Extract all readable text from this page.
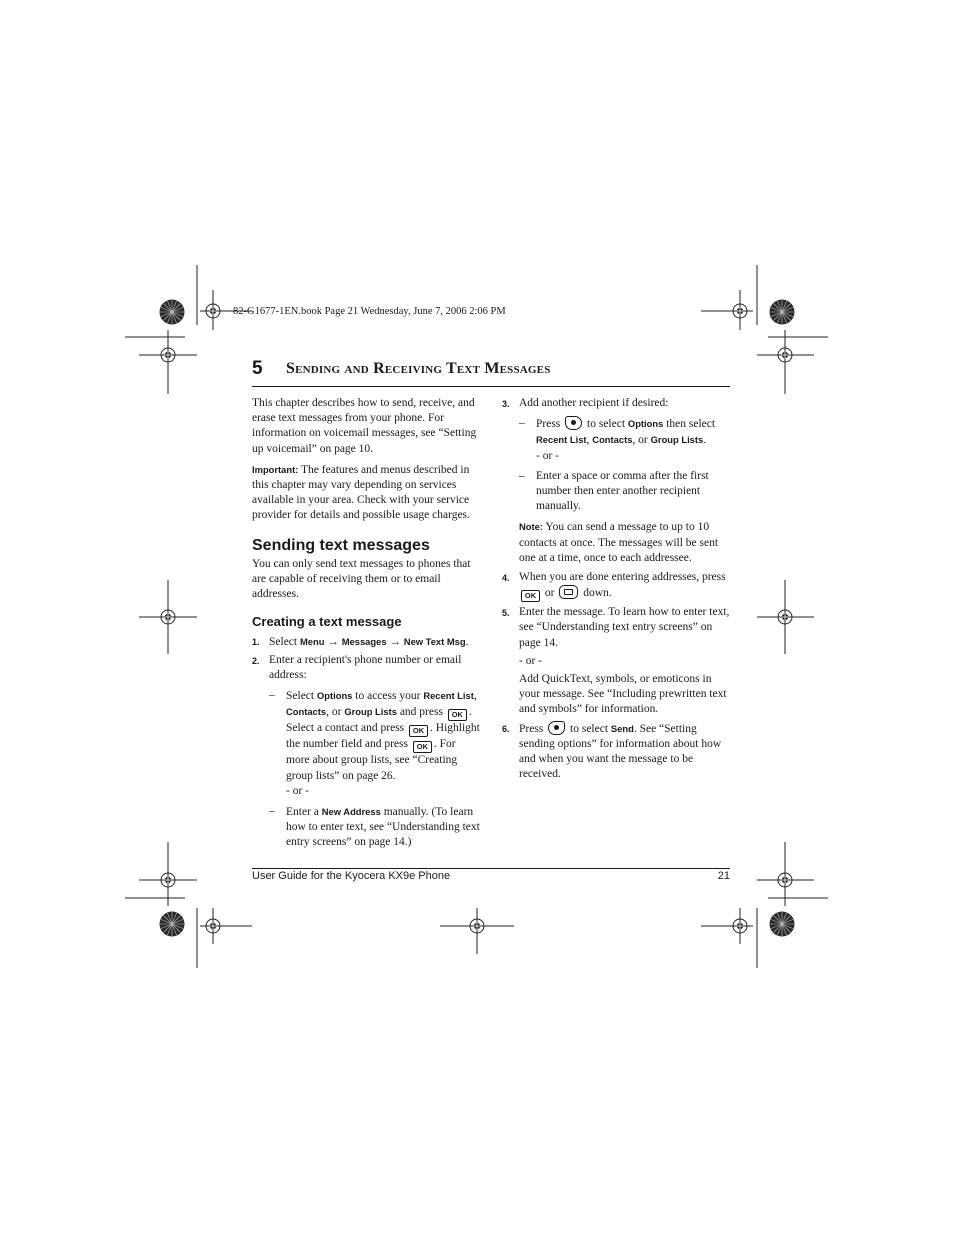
82-G1677-1EN.book Page 21 Wednesday, June 7, 2006 2:06 PM
5 Sending and Receiving Text Messages

This chapter describes how to send, receive, and erase text messages from your phone. For information on voicemail messages, see “Setting up voicemail” on page 10.

Important: The features and menus described in this chapter may vary depending on services available in your area. Check with your service provider for details and possible usage charges.

Sending text messages

You can only send text messages to phones that are capable of receiving them or to email addresses.

Creating a text message
1. Select Menu → Messages → New Text Msg.
2. Enter a recipient's phone number or email address:
– Select Options to access your Recent List, Contacts, or Group Lists and press OK . Select a contact and press OK . Highlight the number field and press OK . For more about group lists, see “Creating group lists” on page 26.
- or -
– Enter a New Address manually. (To learn how to enter text, see “Understanding text entry screens” on page 14.)
3. Add another recipient if desired:
– Press to select Options then select Recent List, Contacts, or Group Lists.
- or -
– Enter a space or comma after the first number then enter another recipient manually.

Note: You can send a message to up to 10 contacts at once. The messages will be sent one at a time, once to each addressee.

4. When you are done entering addresses, press OK or	down.
5. Enter the message. To learn how to enter text, see “Understanding text entry screens” on page 14.
- or -
Add QuickText, symbols, or emoticons in your message. See “Including prewritten text and symbols” for information.
6. Press to select Send. See “Setting sending options” for information about how and when you want the message to be received.
User Guide for the Kyocera KX9e Phone	21
